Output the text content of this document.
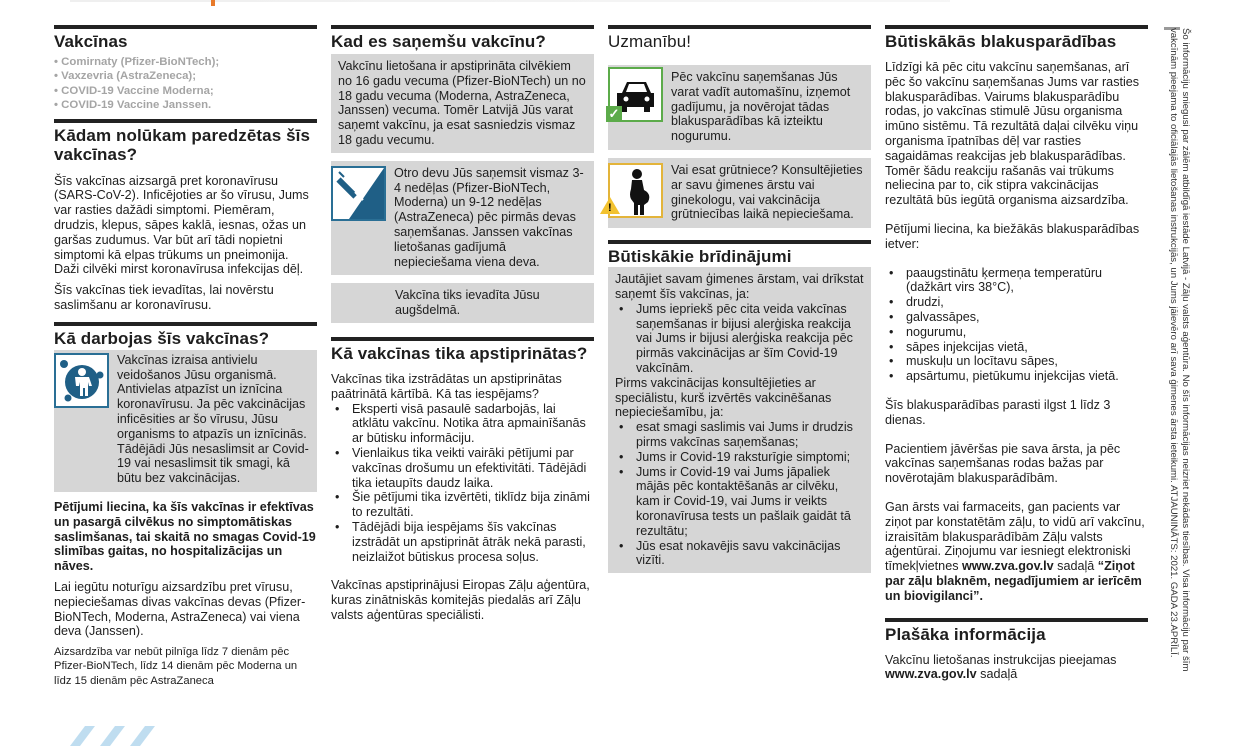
Vakcīnas
• Comirnaty (Pfizer-BioNTech);
• Vaxzevria (AstraZeneca);
• COVID-19 Vaccine Moderna;
• COVID-19 Vaccine Janssen.
Kādam nolūkam paredzētas šīs vakcīnas?

Šīs vakcīnas aizsargā pret koronavīrusu (SARS-CoV-2). Inficējoties ar šo vīrusu, Jums var rasties dažādi simptomi. Piemēram, drudzis, klepus, sāpes kaklā, iesnas, ožas un garšas zudumus. Var būt arī tādi nopietni simptomi kā elpas trūkums un pneimonija. Daži cilvēki mirst koronavīrusa infekcijas dēļ.

Šīs vakcīnas tiek ievadītas, lai novērstu saslimšanu ar koronavīrusu.

Kā darbojas šīs vakcīnas?
Vakcīnas izraisa antivielu veidošanos Jūsu organismā. Antivielas atpazīst un iznīcina koronavīrusu. Ja pēc vakcinācijas inficēsities ar šo vīrusu, Jūsu organisms to atpazīs un iznīcinās. Tādējādi Jūs nesaslimsit ar Covid-19 vai nesaslimsit tik smagi, kā būtu bez vakcinācijas.

Pētījumi liecina, ka šīs vakcīnas ir efektīvas un pasargā cilvēkus no simptomātiskas saslimšanas, tai skaitā no smagas Covid-19 slimības gaitas, no hospitalizācijas un nāves.

Lai iegūtu noturīgu aizsardzību pret vīrusu, nepieciešamas divas vakcīnas devas (Pfizer-BioNTech, Moderna, AstraZeneca) vai viena deva (Janssen).

Aizsardzība var nebūt pilnīga līdz 7 dienām pēc Pfizer-BioNTech, līdz 14 dienām pēc Moderna un līdz 15 dienām pēc AstraZaneca

Kad es saņemšu vakcīnu?
Vakcīnu lietošana ir apstiprināta cilvēkiem no 16 gadu vecuma (Pfizer-BioNTech) un no 18 gadu vecuma (Moderna, AstraZeneca, Janssen) vecuma. Tomēr Latvijā Jūs varat saņemt vakcīnu, ja esat sasniedzis vismaz 18 gadu vecumu.
Otro devu Jūs saņemsit vismaz 3-4 nedēļas (Pfizer-BioNTech, Moderna) un 9-12 nedēļas (AstraZeneca) pēc pirmās devas saņemšanas. Janssen vakcīnas lietošanas gadījumā nepieciešama viena deva.
Vakcīna tiks ievadīta Jūsu augšdelmā.
Kā vakcīnas tika apstiprinātas?

Vakcīnas tika izstrādātas un apstiprinātas paātrinātā kārtībā. Kā tas iespējams?

• Eksperti visā pasaulē sadarbojās, lai atklātu vakcīnu. Notika ātra apmainīšanās ar būtisku informāciju.
• Vienlaikus tika veikti vairāki pētījumi par vakcīnas drošumu un efektivitāti. Tādējādi tika ietaupīts daudz laika.
• Šie pētījumi tika izvērtēti, tiklīdz bija zināmi to rezultāti.
• Tādējādi bija iespējams šīs vakcīnas izstrādāt un apstiprināt ātrāk nekā parasti, neizlaižot būtiskus procesa soļus.

Vakcīnas apstiprinājusi Eiropas Zāļu aģentūra, kuras zinātniskās komitejās piedalās arī Zāļu valsts aģentūras speciālisti.

Uzmanību!
✓
Pēc vakcīnu saņemšanas Jūs varat vadīt automašīnu, izņemot gadījumu, ja novērojat tādas blakusparādības kā izteiktu nogurumu.
!
Vai esat grūtniece? Konsultējieties ar savu ģimenes ārstu vai ginekologu, vai vakcinācija grūtniecības laikā nepieciešama.
Būtiskākie brīdinājumi

Jautājiet savam ģimenes ārstam, vai drīkstat saņemt šīs vakcīnas, ja:

• Jums iepriekš pēc cita veida vakcīnas saņemšanas ir bijusi alerģiska reakcija vai Jums ir bijusi alerģiska reakcija pēc pirmās vakcinācijas ar šīm Covid-19 vakcīnām.

Pirms vakcinācijas konsultējieties ar speciālistu, kurš izvērtēs vakcinēšanas nepieciešamību, ja:

• esat smagi saslimis vai Jums ir drudzis pirms vakcīnas saņemšanas;
• Jums ir Covid-19 raksturīgie simptomi;
• Jums ir Covid-19 vai Jums jāpaliek mājās pēc kontaktēšanās ar cilvēku, kam ir Covid-19, vai Jums ir veikts koronavīrusa tests un pašlaik gaidāt tā rezultātu;
• Jūs esat nokavējis savu vakcinācijas vizīti.
Būtiskākās blakusparādības

Līdzīgi kā pēc citu vakcīnu saņemšanas, arī pēc šo vakcīnu saņemšanas Jums var rasties blakusparādības. Vairums blakusparādību rodas, jo vakcīnas stimulē Jūsu organisma imūno sistēmu. Tā rezultātā daļai cilvēku viņu organisma īpatnības dēļ var rasties sagaidāmas reakcijas jeb blakusparādības. Tomēr šādu reakciju rašanās vai trūkums neliecina par to, cik stipra vakcinācijas rezultātā būs iegūtā organisma aizsardzība.

Pētījumi liecina, ka biežākās blakusparādības ietver:

• paaugstinātu ķermeņa temperatūru (dažkārt virs 38°C),
• drudzi,
• galvassāpes,
• nogurumu,
• sāpes injekcijas vietā,
• muskuļu un locītavu sāpes,
• apsārtumu, pietūkumu injekcijas vietā.

Šīs blakusparādības parasti ilgst 1 līdz 3 dienas.

Pacientiem jāvēršas pie sava ārsta, ja pēc vakcīnas saņemšanas rodas bažas par novērotajām blakusparādībām.

Gan ārsts vai farmaceits, gan pacients var ziņot par konstatētām zāļu, to vidū arī vakcīnu, izraisītām blakusparādībām Zāļu valsts aģentūrai. Ziņojumu var iesniegt elektroniski tīmekļvietnes www.zva.gov.lv sadaļā “Ziņot par zāļu blaknēm, negadījumiem ar ierīcēm un biovigilanci”.

Plašāka informācija

Vakcīnu lietošanas instrukcijas pieejamas www.zva.gov.lv sadaļā

Šo informāciju sniegusi par zālēm atbildīgā iestāde Latvijā - Zāļu valsts aģentūra. No šīs informācijas neizriet nekādas tiesības. Visa informāciju par šīm
vakcīnām pieejama to oficiālajās lietošanas instrukcijās, un Jums jāievēro arī sava ģimenes ārsta ieteikumi. ATJAUNINĀTS: 2021. GADA 23.APRĪLĪ.
